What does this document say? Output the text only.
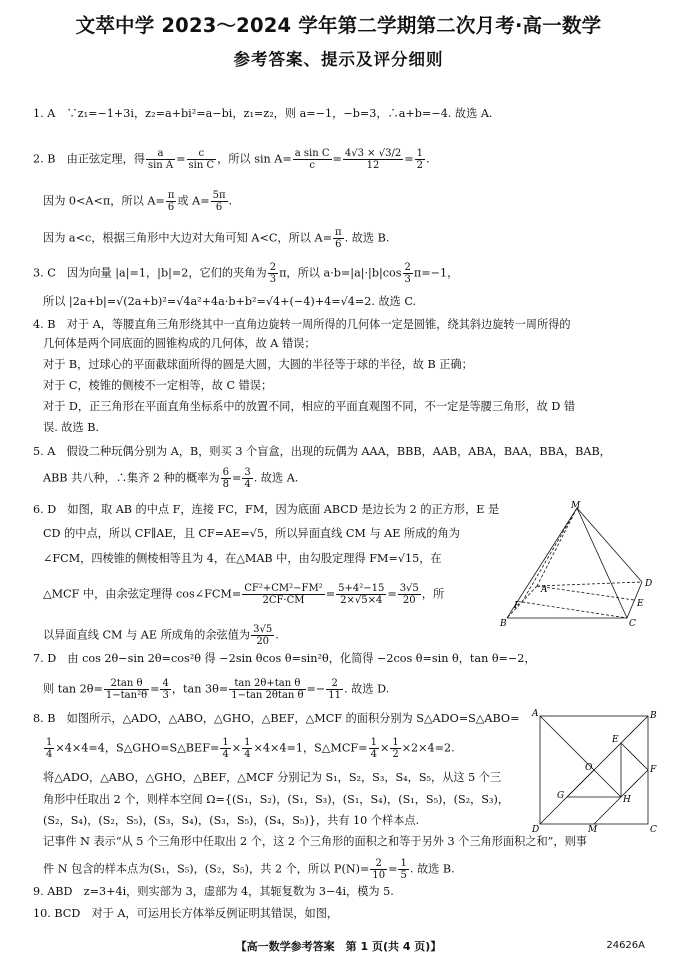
文萃中学 2023～2024 学年第二学期第二次月考·高一数学
参考答案、提示及评分细则
1. A　∵z₁=−1+3i，z₂=a+bi²=a−bi，z₁=z₂，则 a=−1，−b=3，∴a+b=−4. 故选 A.
2. B　由正弦定理，得 $\frac{a}{\text{sin A}} = \frac{c}{\text{sin C}}$ ，所以 $\sin A= \frac{\text{a sin C}}{c} = \frac{4√3 \times √3/2}{12} = \frac{1}{2}$ .
因为 0<A<π，所以 $A= \frac{\pi}{6}$ 或 $A= \frac{5\pi}{6}$ .
因为 a<c，根据三角形中大边对大角可知 A<C，所以 $A= \frac{\pi}{6}$ . 故选 B.
3. C　因为向量 |a|=1，|b|=2，它们的夹角为 $\frac{2}{3}$ π，所以 $a\cdot b=|a|\cdot|b|\cos \frac{2}{3} \pi=-1$，
所以 |2a+b|=√(2a+b)²=√4a²+4a·b+b²=√4+(−4)+4=√4=2. 故选 C.
4. B　对于 A，等腰直角三角形绕其中一直角边旋转一周所得的几何体一定是圆锥，绕其斜边旋转一周所得的
几何体是两个同底面的圆锥构成的几何体，故 A 错误；
对于 B，过球心的平面截球面所得的圆是大圆，大圆的半径等于球的半径，故 B 正确；
对于 C，棱锥的侧棱不一定相等，故 C 错误；
对于 D，正三角形在平面直角坐标系中的放置不同，相应的平面直观图不同，不一定是等腰三角形，故 D 错
误. 故选 B.
5. A　假设二种玩偶分别为 A，B，则买 3 个盲盒，出现的玩偶为 AAA，BBB，AAB，ABA，BAA，BBA，BAB，
ABB 共八种，∴集齐 2 种的概率为 $\frac{6}{8} = \frac{3}{4}$ . 故选 A.
6. D　如图，取 AB 的中点 F，连接 FC，FM，因为底面 ABCD 是边长为 2 的正方形，E 是
CD 的中点，所以 CF∥AE，且 CF=AE=√5，所以异面直线 CM 与 AE 所成的角为
∠FCM，四棱锥的侧棱相等且为 4，在△MAB 中，由勾股定理得 FM=√15，在
△MCF 中，由余弦定理得 cos∠FCM= $\frac{\text{CF²+CM²−FM²}}{2CF\cdot CM} = \frac{\text{5+4²−15}}{2\times√5\times 4} = \frac{3√5}{20}$ ，所
以异面直线 CM 与 AE 所成角的余弦值为 $\frac{3√5}{20}$ .
M
A
B	C
D
E
F
7. D　由 cos 2θ−sin 2θ=cos²θ 得 −2sin θcos θ=sin²θ，化简得 −2cos θ=sin θ，tan θ=−2，
则 $\tan 2\theta= \frac{\text{2tan θ}}{\text{1−tan²θ}} = \frac{4}{3}$ ，$\tan 3\theta= \frac{\text{tan 2θ+tan θ}}{\text{1−tan 2θtan θ}} =- \frac{2}{11}$ . 故选 D.
8. B　如图所示，△ADO，△ABO，△GHO，△BEF，△MCF 的面积分别为 S△ADO=S△ABO=
$\frac{1}{4} \times 4\times 4=4$，S△GHO=S△BEF= $\frac{1}{4} \times \frac{1}{4} \times 4\times 4=1$，S△MCF= $\frac{1}{4} \times \frac{1}{2} \times 2\times 4=2$.
将△ADO，△ABO，△GHO，△BEF，△MCF 分别记为 S₁，S₂，S₃，S₄，S₅，从这 5 个三
角形中任取出 2 个，则样本空间 Ω={(S₁，S₂)，(S₁，S₃)，(S₁，S₄)，(S₁，S₅)，(S₂，S₃)，
(S₂，S₄)，(S₂，S₅)，(S₃，S₄)，(S₃，S₅)，(S₄，S₅)}，共有 10 个样本点.
记事件 N 表示“从 5 个三角形中任取出 2 个，这 2 个三角形的面积之和等于另外 3 个三角形面积之和”，则事
件 N 包含的样本点为(S₁，S₅)，(S₂，S₅)，共 2 个，所以 $P(N)= \frac{2}{10} = \frac{1}{5}$ . 故选 B.
A	B
C
D
E
F
G	H
M
O
9. ABD　z=3+4i，则实部为 3，虚部为 4，其轭复数为 3−4i，模为 5.
10. BCD　对于 A，可运用长方体举反例证明其错误，如图，
【高一数学参考答案　第 1 页(共 4 页)】	24626A
